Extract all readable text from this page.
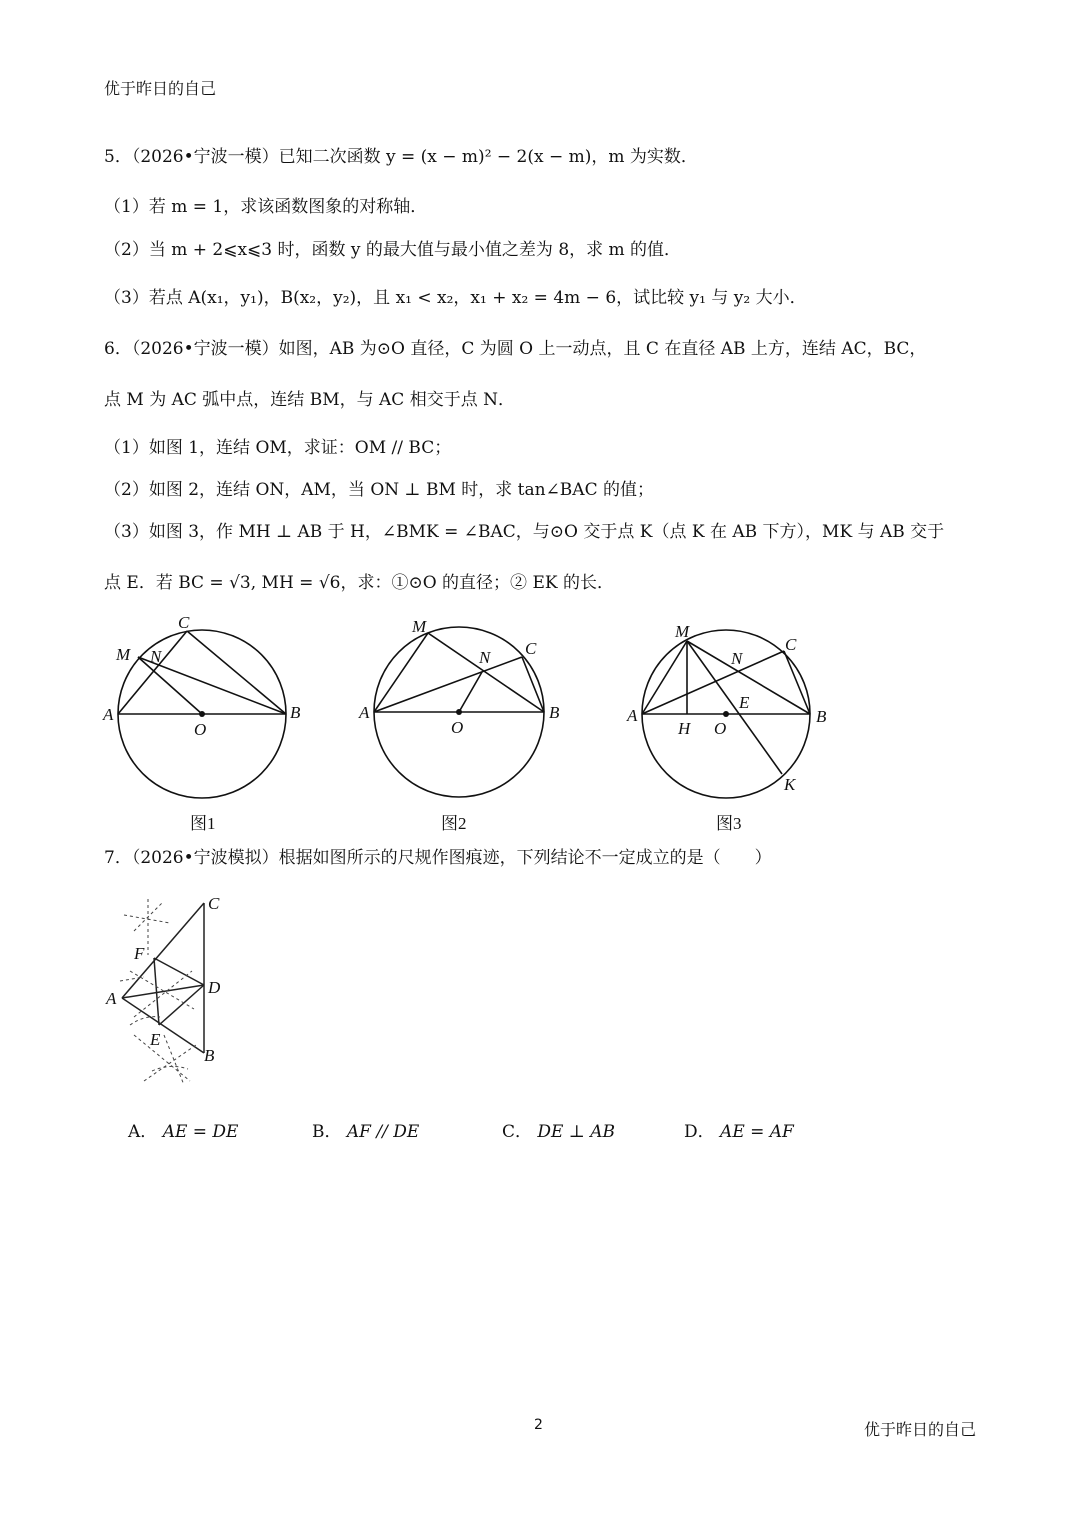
优于昨日的自己
5．（2026•宁波一模）已知二次函数 y = (x − m)² − 2(x − m)，m 为实数．
（1）若 m = 1，求该函数图象的对称轴．
（2）当 m + 2⩽x⩽3 时，函数 y 的最大值与最小值之差为 8，求 m 的值．
（3）若点 A(x₁，y₁)，B(x₂，y₂)，且 x₁ < x₂，x₁ + x₂ = 4m − 6，试比较 y₁ 与 y₂ 大小．
6．（2026•宁波一模）如图，AB 为⊙O 直径，C 为圆 O 上一动点，且 C 在直径 AB 上方，连结 AC，BC，
点 M 为 AC 弧中点，连结 BM，与 AC 相交于点 N．
（1）如图 1，连结 OM，求证：OM // BC；
（2）如图 2，连结 ON，AM，当 ON ⊥ BM 时，求 tan∠BAC 的值；
（3）如图 3，作 MH ⊥ AB 于 H，∠BMK = ∠BAC，与⊙O 交于点 K（点 K 在 AB 下方），MK 与 AB 交于
点 E．若 BC = √3, MH = √6，求：①⊙O 的直径；② EK 的长．
C
M N
A
O
B
图1
M
C
N
A
O
B
图2
M
C
N
E
A
H O
B
K
图3
7．（2026•宁波模拟）根据如图所示的尺规作图痕迹，下列结论不一定成立的是（　　）
C
F
A
D
E
B
A． AE = DE	B． AF // DE	C． DE ⊥ AB	D． AE = AF
2	优于昨日的自己
